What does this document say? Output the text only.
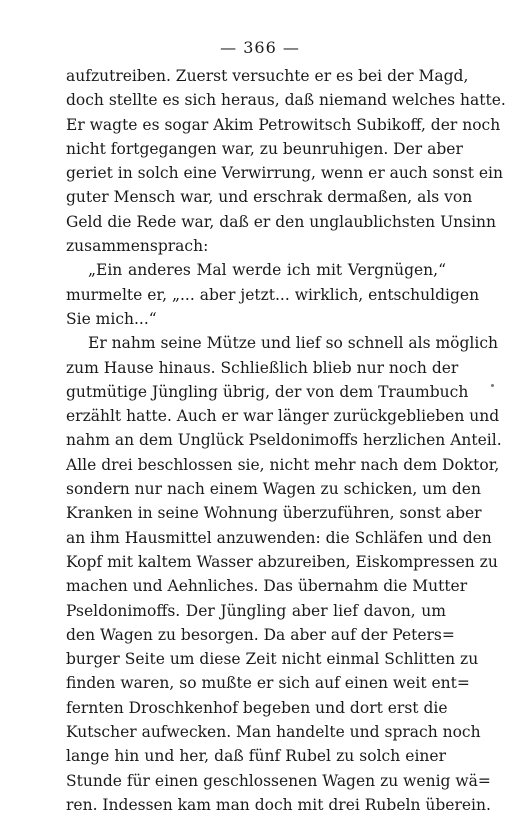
— 366 —
aufzutreiben. Zuerst versuchte er es bei der Magd,
doch stellte es sich heraus, daß niemand welches hatte.
Er wagte es sogar Akim Petrowitsch Subikoff, der noch
nicht fortgegangen war, zu beunruhigen. Der aber
geriet in solch eine Verwirrung, wenn er auch sonst ein
guter Mensch war, und erschrak dermaßen, als von
Geld die Rede war, daß er den unglaublichsten Unsinn
zusammensprach:
„Ein anderes Mal werde ich mit Vergnügen,“
murmelte er, „... aber jetzt... wirklich, entschuldigen
Sie mich...“
Er nahm seine Mütze und lief so schnell als möglich
zum Hause hinaus. Schließlich blieb nur noch der
gutmütige Jüngling übrig, der von dem Traumbuch
erzählt hatte. Auch er war länger zurückgeblieben und
nahm an dem Unglück Pseldonimoffs herzlichen Anteil.
Alle drei beschlossen sie, nicht mehr nach dem Doktor,
sondern nur nach einem Wagen zu schicken, um den
Kranken in seine Wohnung überzuführen, sonst aber
an ihm Hausmittel anzuwenden: die Schläfen und den
Kopf mit kaltem Wasser abzureiben, Eiskompressen zu
machen und Aehnliches. Das übernahm die Mutter
Pseldonimoffs. Der Jüngling aber lief davon, um
den Wagen zu besorgen. Da aber auf der Peters=
burger Seite um diese Zeit nicht einmal Schlitten zu
finden waren, so mußte er sich auf einen weit ent=
fernten Droschkenhof begeben und dort erst die
Kutscher aufwecken. Man handelte und sprach noch
lange hin und her, daß fünf Rubel zu solch einer
Stunde für einen geschlossenen Wagen zu wenig wä=
ren. Indessen kam man doch mit drei Rubeln überein.
